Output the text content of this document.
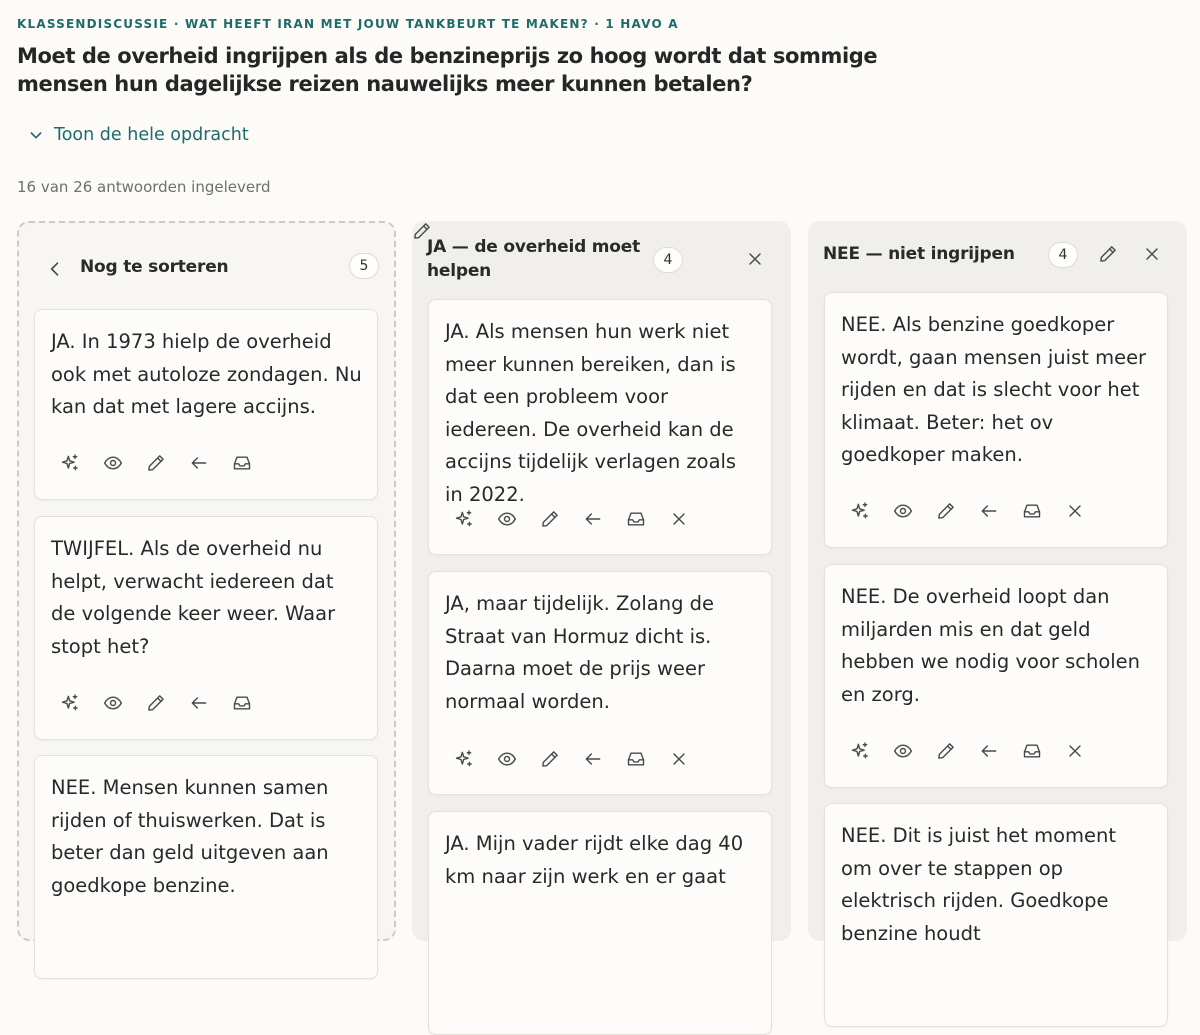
KLASSENDISCUSSIE · WAT HEEFT IRAN MET JOUW TANKBEURT TE MAKEN? · 1 HAVO A
Moet de overheid ingrijpen als de benzineprijs zo hoog wordt dat sommige mensen hun dagelijkse reizen nauwelijks meer kunnen betalen?
Toon de hele opdracht
16 van 26 antwoorden ingeleverd
Nog te sorteren	5

JA. In 1973 hielp de overheid ook met autoloze zondagen. Nu kan dat met lagere accijns.

TWIJFEL. Als de overheid nu helpt, verwacht iedereen dat de volgende keer weer. Waar stopt het?

NEE. Mensen kunnen samen rijden of thuiswerken. Dat is beter dan geld uitgeven aan goedkope benzine.

JA — de overheid moet helpen
4

JA. Als mensen hun werk niet meer kunnen bereiken, dan is dat een probleem voor iedereen. De overheid kan de accijns tijdelijk verlagen zoals in 2022.

JA, maar tijdelijk. Zolang de Straat van Hormuz dicht is. Daarna moet de prijs weer normaal worden.

JA. Mijn vader rijdt elke dag 40 km naar zijn werk en er gaat

NEE — niet ingrijpen	4

NEE. Als benzine goedkoper wordt, gaan mensen juist meer rijden en dat is slecht voor het klimaat. Beter: het ov goedkoper maken.

NEE. De overheid loopt dan miljarden mis en dat geld hebben we nodig voor scholen en zorg.

NEE. Dit is juist het moment om over te stappen op elektrisch rijden. Goedkope benzine houdt
